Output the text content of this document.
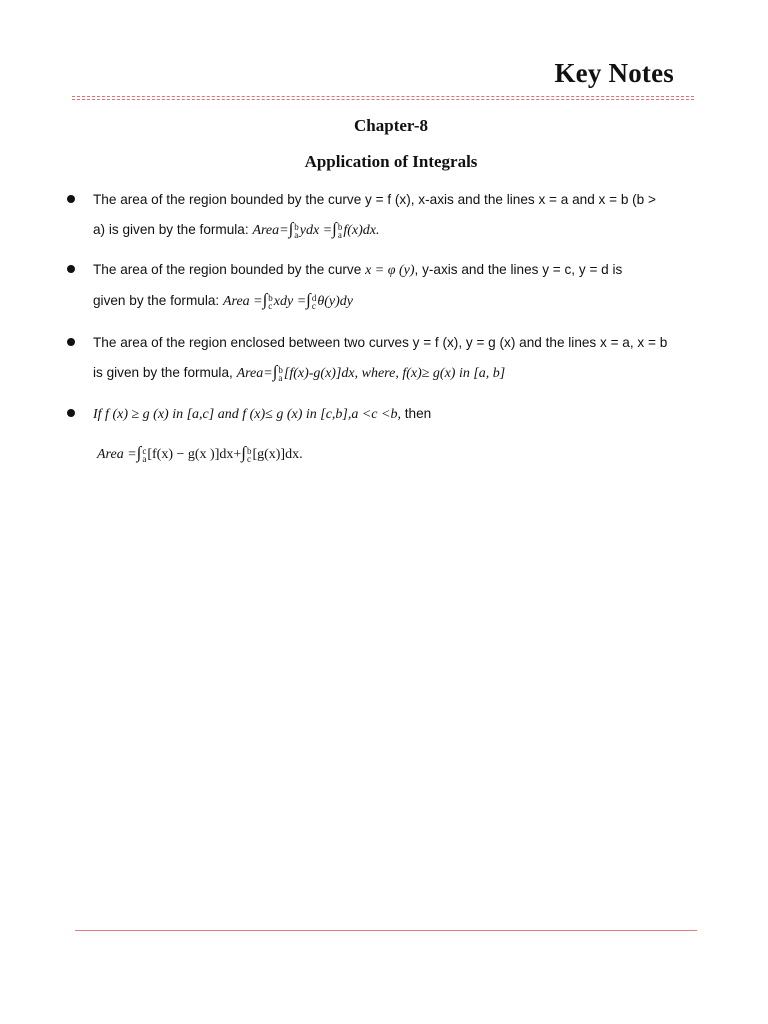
Key Notes
Chapter-8
Application of Integrals
The area of the region bounded by the curve y = f (x), x-axis and the lines x = a and x = b (b >
a) is given by the formula: Area=∫ b
a ydx =∫ b
a f(x)dx.
The area of the region bounded by the curve x = φ (y), y-axis and the lines y = c, y = d is
given by the formula: Area =∫ b
c xdy =∫ d
c θ(y)dy
The area of the region enclosed between two curves y = f (x), y = g (x) and the lines x = a, x = b
is given by the formula, Area=∫ b
a [f(x)-g(x)]dx, where, f(x)≥ g(x) in [a, b]
If f (x) ≥ g (x) in [a,c] and f (x)≤ g (x) in [c,b],a <c <b, then
Area =∫ c
a [f(x) − g(x )]dx+∫ b
c [g(x)]dx.
